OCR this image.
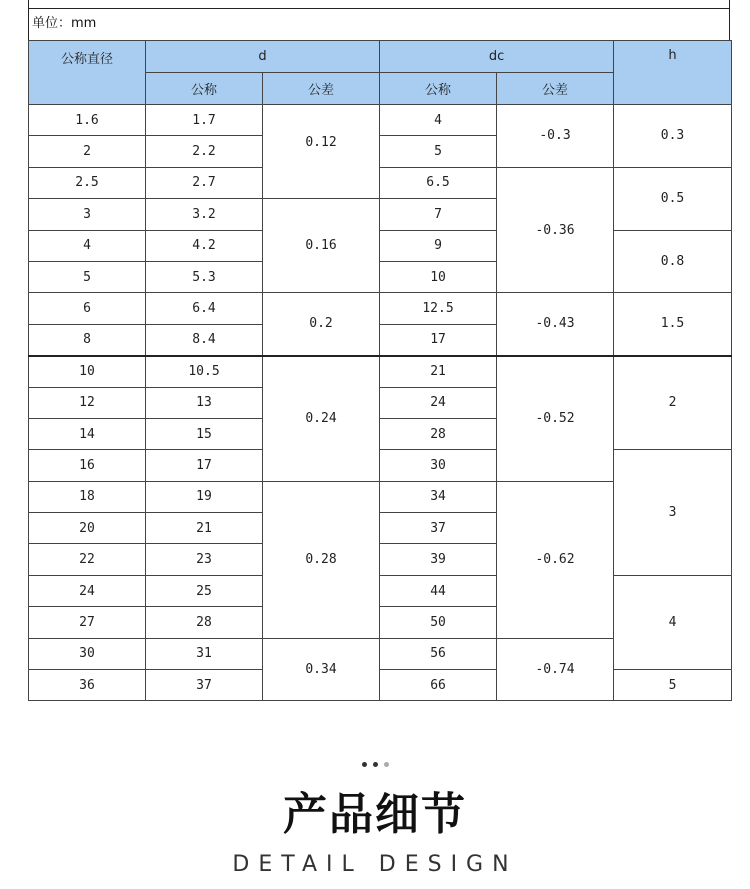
单位：mm
公称直径	d		dc		h
	公称	公差	公称	公差	
1.6	1.7	0.12	4	-0.3	0.3
2	2.2		5		
2.5	2.7		6.5	-0.36	0.5
3	3.2	0.16	7		
4	4.2		9		0.8
5	5.3		10		
6	6.4	0.2	12.5	-0.43	1.5
8	8.4		17		
10	10.5	0.24	21	-0.52	2
12	13		24		
14	15		28		
16	17		30		3
18	19	0.28	34	-0.62	
20	21		37		
22	23		39		
24	25		44		4
27	28		50		
30	31	0.34	56	-0.74	
36	37		66		5
产品细节
DETAIL DESIGN
